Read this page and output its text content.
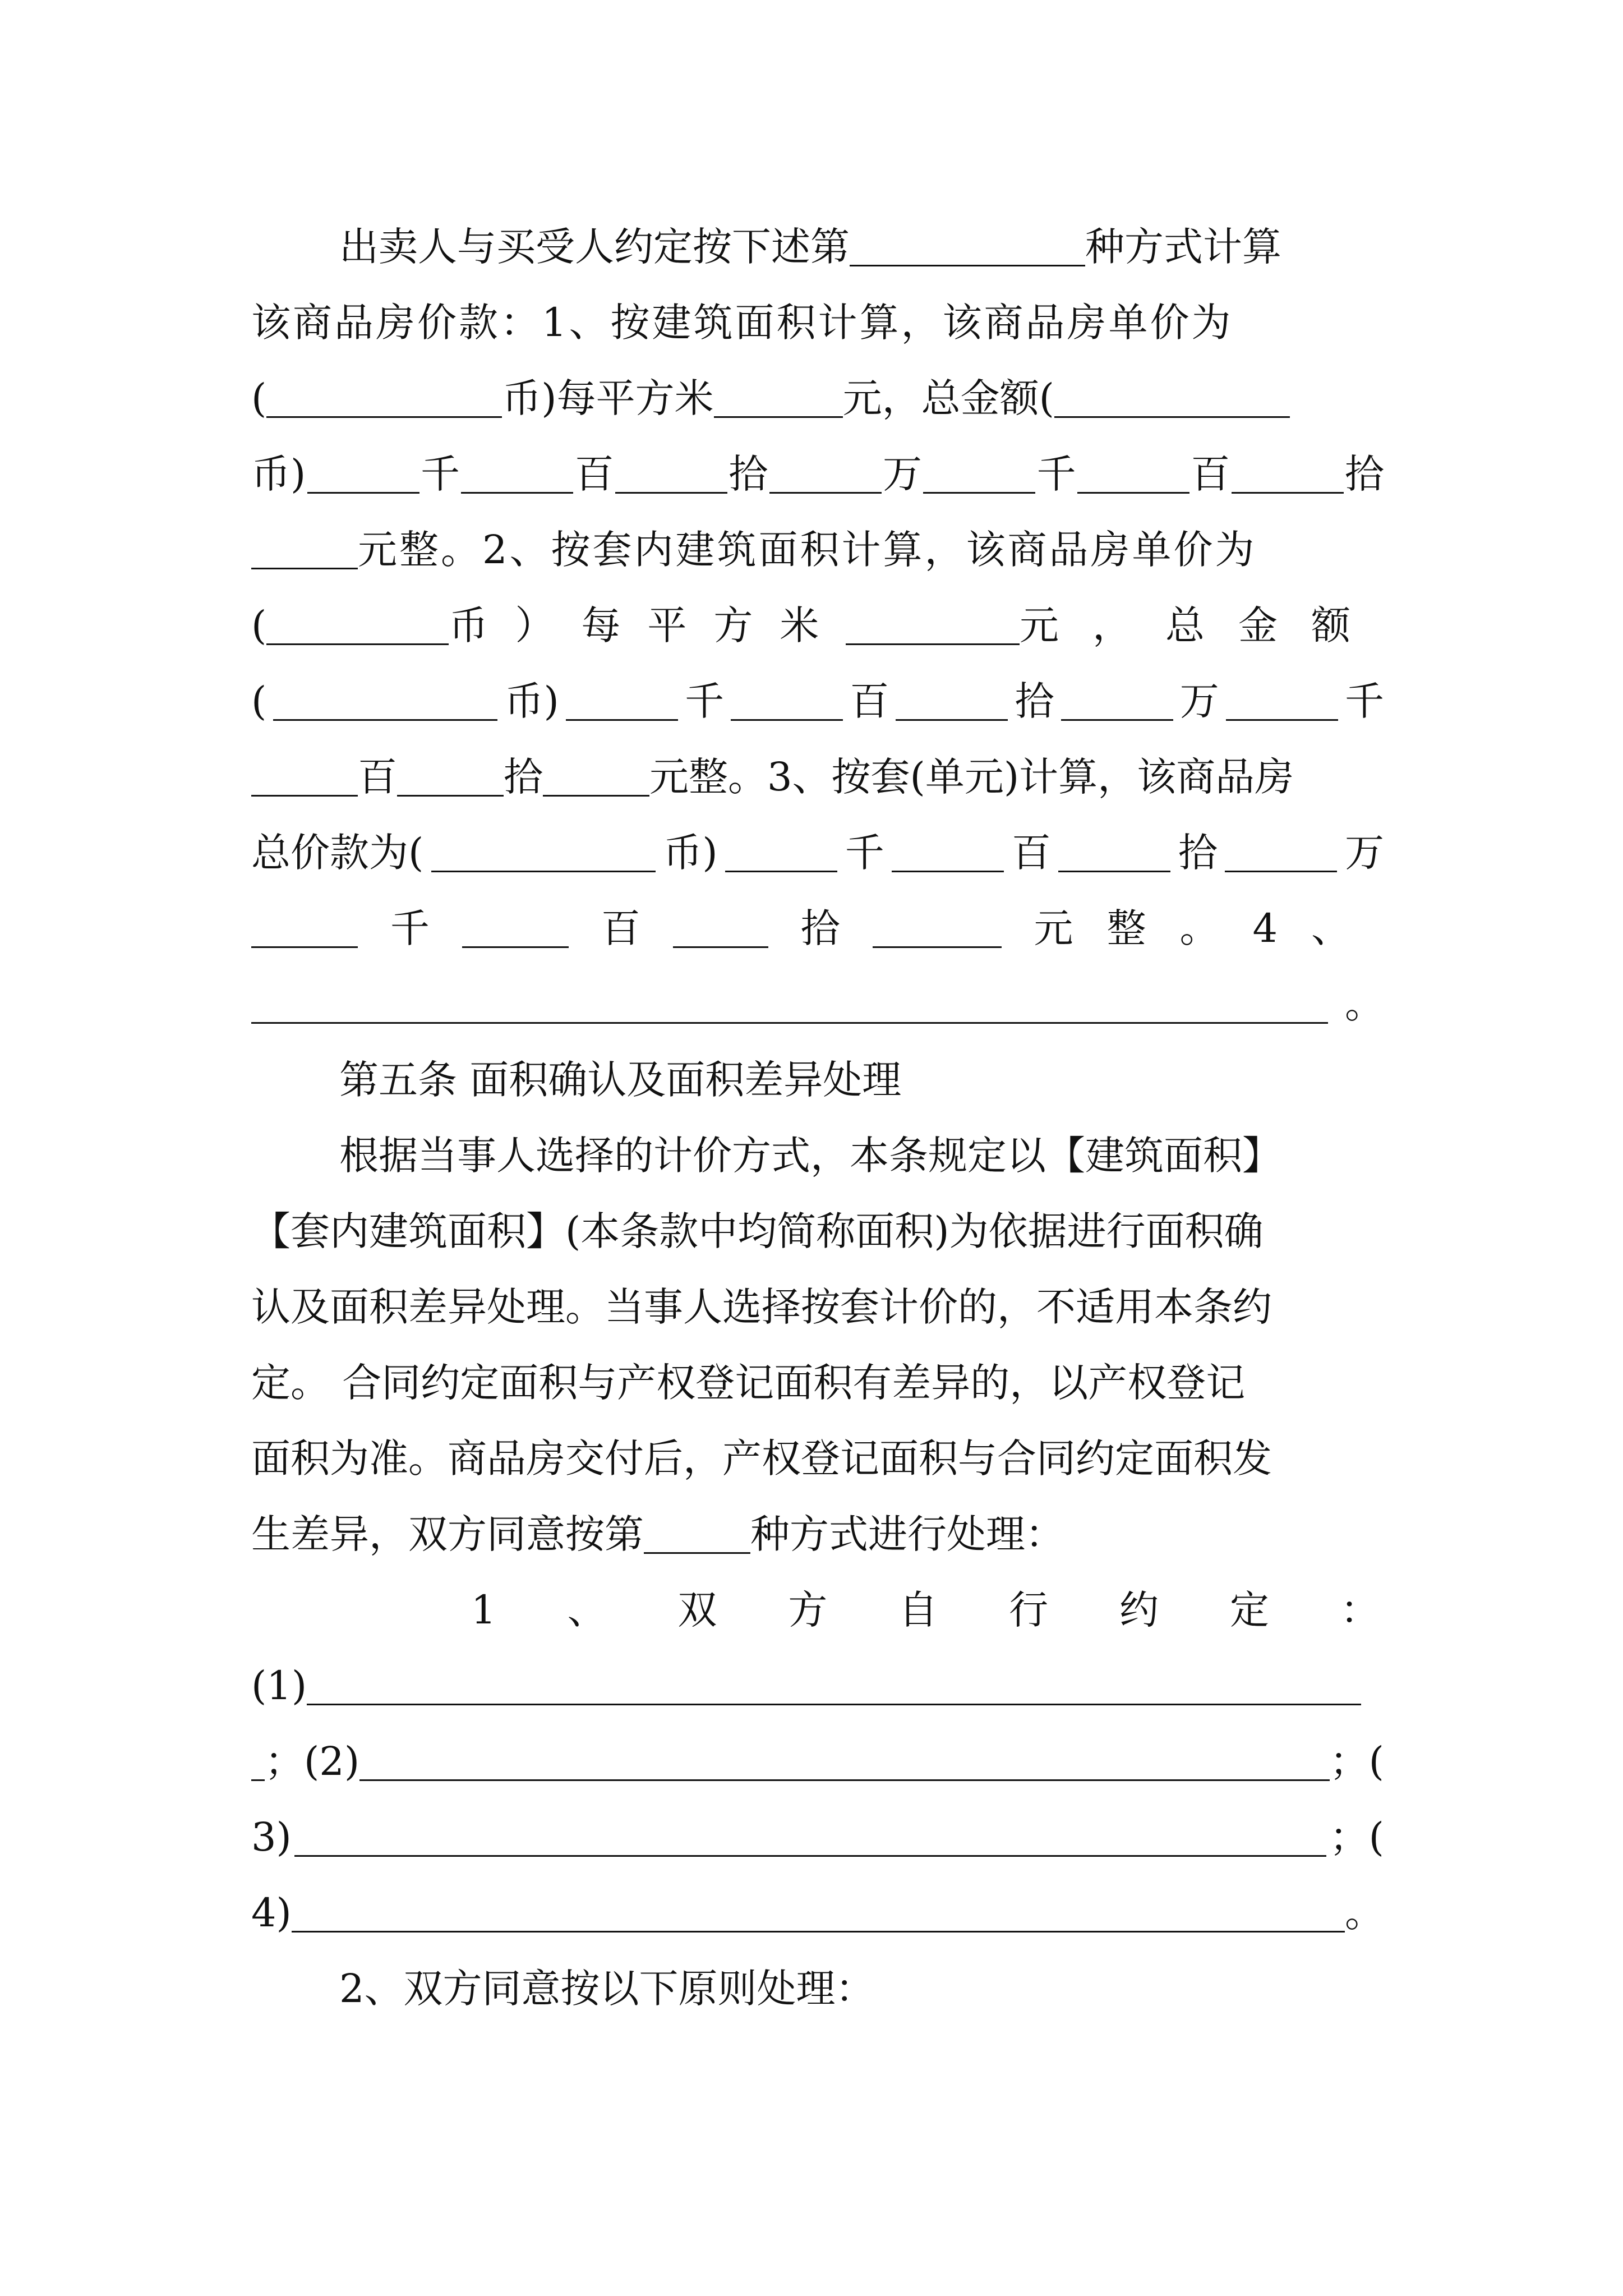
出卖人与买受人约定按下述第	种方式计算
该商品房价款：1、按建筑面积计算，该商品房单价为
(	币)每平方米	元，总金额(
币)	千	百	拾	万	千	百	拾
元整。2、按套内建筑面积计算，该商品房单价为
(	币）每平方米	元，总金额
(	币)	千	百	拾	万	千
百	拾	元整。3、按套(单元)计算，该商品房
总价款为(	币)	千	百	拾	万
千	百	拾	元整。4、
。
第五条 面积确认及面积差异处理
根据当事人选择的计价方式，本条规定以【建筑面积】
【套内建筑面积】(本条款中均简称面积)为依据进行面积确
认及面积差异处理。当事人选择按套计价的，不适用本条约
定。 合同约定面积与产权登记面积有差异的，以产权登记
面积为准。商品房交付后，产权登记面积与合同约定面积发
生差异，双方同意按第	种方式进行处理：
1 、 双 方 自 行 约 定 ：
(1)
；(2)	；(
3)	；(
4)	。
2、双方同意按以下原则处理：
